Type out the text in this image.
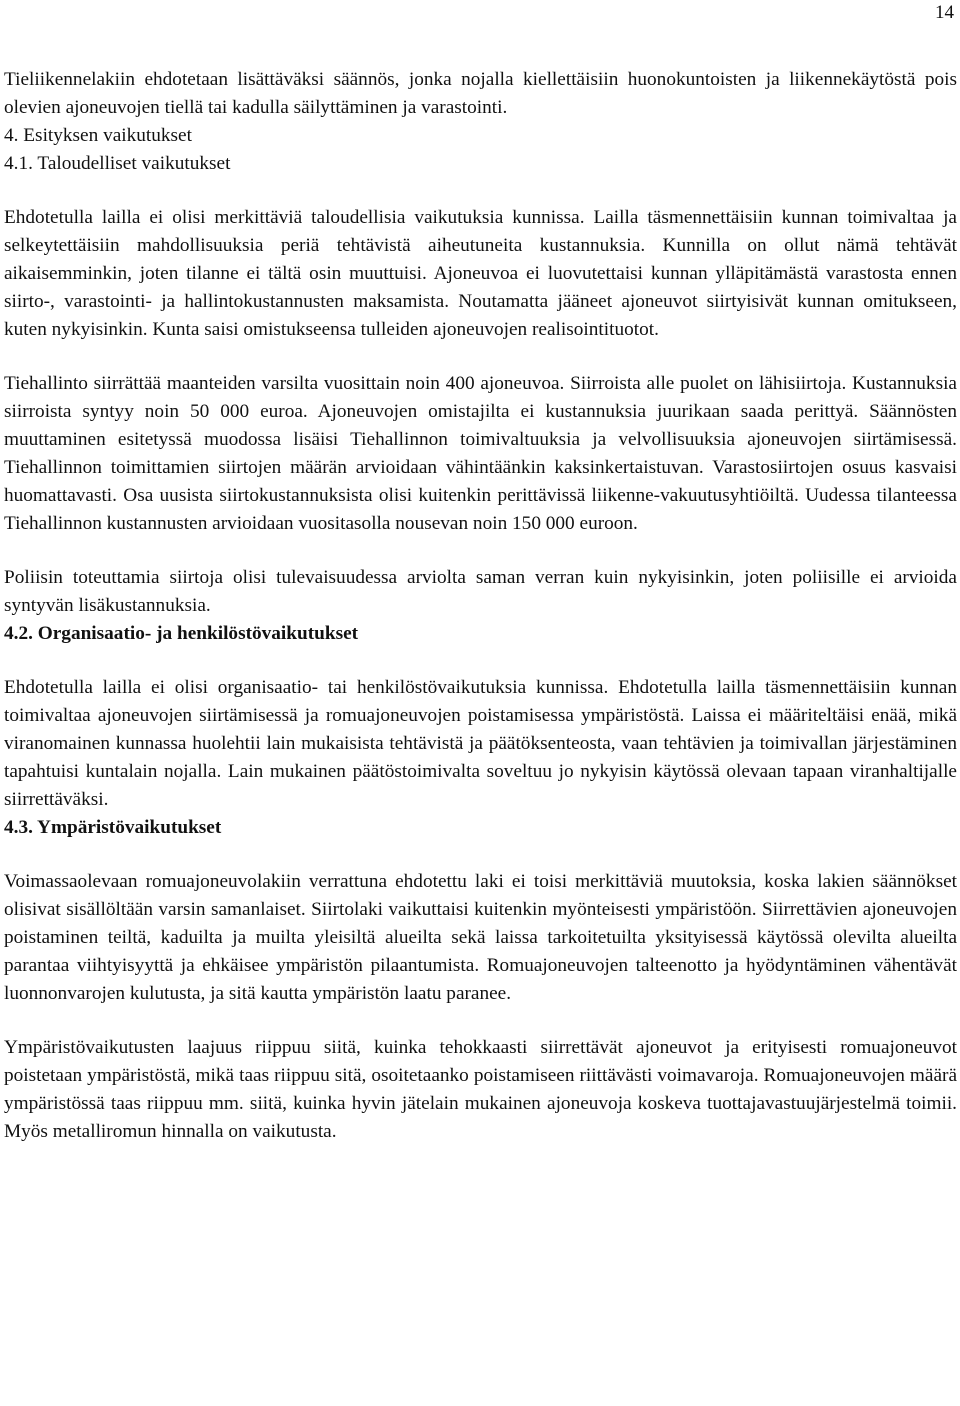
14

Tieliikennelakiin ehdotetaan lisättäväksi säännös, jonka nojalla kiellettäisiin huonokuntoisten ja liikennekäytöstä pois olevien ajoneuvojen tiellä tai kadulla säilyttäminen ja varastointi.

4. Esityksen vaikutukset
4.1. Taloudelliset vaikutukset

Ehdotetulla lailla ei olisi merkittäviä taloudellisia vaikutuksia kunnissa. Lailla täsmennettäisiin kunnan toimivaltaa ja selkeytettäisiin mahdollisuuksia periä tehtävistä aiheutuneita kustannuksia. Kunnilla on ollut nämä tehtävät aikaisemminkin, joten tilanne ei tältä osin muuttuisi. Ajoneuvoa ei luovutettaisi kunnan ylläpitämästä varastosta ennen siirto-, varastointi- ja hallintokustannusten maksamista. Noutamatta jääneet ajoneuvot siirtyisivät kunnan omitukseen, kuten nykyisinkin. Kunta saisi omistukseensa tulleiden ajoneuvojen realisointituotot.

Tiehallinto siirrättää maanteiden varsilta vuosittain noin 400 ajoneuvoa. Siirroista alle puolet on lähisiirtoja. Kustannuksia siirroista syntyy noin 50 000 euroa. Ajoneuvojen omistajilta ei kustannuksia juurikaan saada perittyä. Säännösten muuttaminen esitetyssä muodossa lisäisi Tiehallinnon toimivaltuuksia ja velvollisuuksia ajoneuvojen siirtämisessä. Tiehallinnon toimittamien siirtojen määrän arvioidaan vähintäänkin kaksinkertaistuvan. Varastosiirtojen osuus kasvaisi huomattavasti. Osa uusista siirtokustannuksista olisi kuitenkin perittävissä liikenne-vakuutusyhtiöiltä. Uudessa tilanteessa Tiehallinnon kustannusten arvioidaan vuositasolla nousevan noin 150 000 euroon.

Poliisin toteuttamia siirtoja olisi tulevaisuudessa arviolta saman verran kuin nykyisinkin, joten poliisille ei arvioida syntyvän lisäkustannuksia.

4.2. Organisaatio- ja henkilöstövaikutukset

Ehdotetulla lailla ei olisi organisaatio- tai henkilöstövaikutuksia kunnissa. Ehdotetulla lailla täsmennettäisiin kunnan toimivaltaa ajoneuvojen siirtämisessä ja romuajoneuvojen poistamisessa ympäristöstä. Laissa ei määriteltäisi enää, mikä viranomainen kunnassa huolehtii lain mukaisista tehtävistä ja päätöksenteosta, vaan tehtävien ja toimivallan järjestäminen tapahtuisi kuntalain nojalla. Lain mukainen päätöstoimivalta soveltuu jo nykyisin käytössä olevaan tapaan viranhaltijalle siirrettäväksi.

4.3. Ympäristövaikutukset

Voimassaolevaan romuajoneuvolakiin verrattuna ehdotettu laki ei toisi merkittäviä muutoksia, koska lakien säännökset olisivat sisällöltään varsin samanlaiset. Siirtolaki vaikuttaisi kuitenkin myönteisesti ympäristöön. Siirrettävien ajoneuvojen poistaminen teiltä, kaduilta ja muilta yleisiltä alueilta sekä laissa tarkoitetuilta yksityisessä käytössä olevilta alueilta parantaa viihtyisyyttä ja ehkäisee ympäristön pilaantumista. Romuajoneuvojen talteenotto ja hyödyntäminen vähentävät luonnonvarojen kulutusta, ja sitä kautta ympäristön laatu paranee.

Ympäristövaikutusten laajuus riippuu siitä, kuinka tehokkaasti siirrettävät ajoneuvot ja erityisesti romuajoneuvot poistetaan ympäristöstä, mikä taas riippuu sitä, osoitetaanko poistamiseen riittävästi voimavaroja. Romuajoneuvojen määrä ympäristössä taas riippuu mm. siitä, kuinka hyvin jätelain mukainen ajoneuvoja koskeva tuottajavastuujärjestelmä toimii. Myös metalliromun hinnalla on vaikutusta.
